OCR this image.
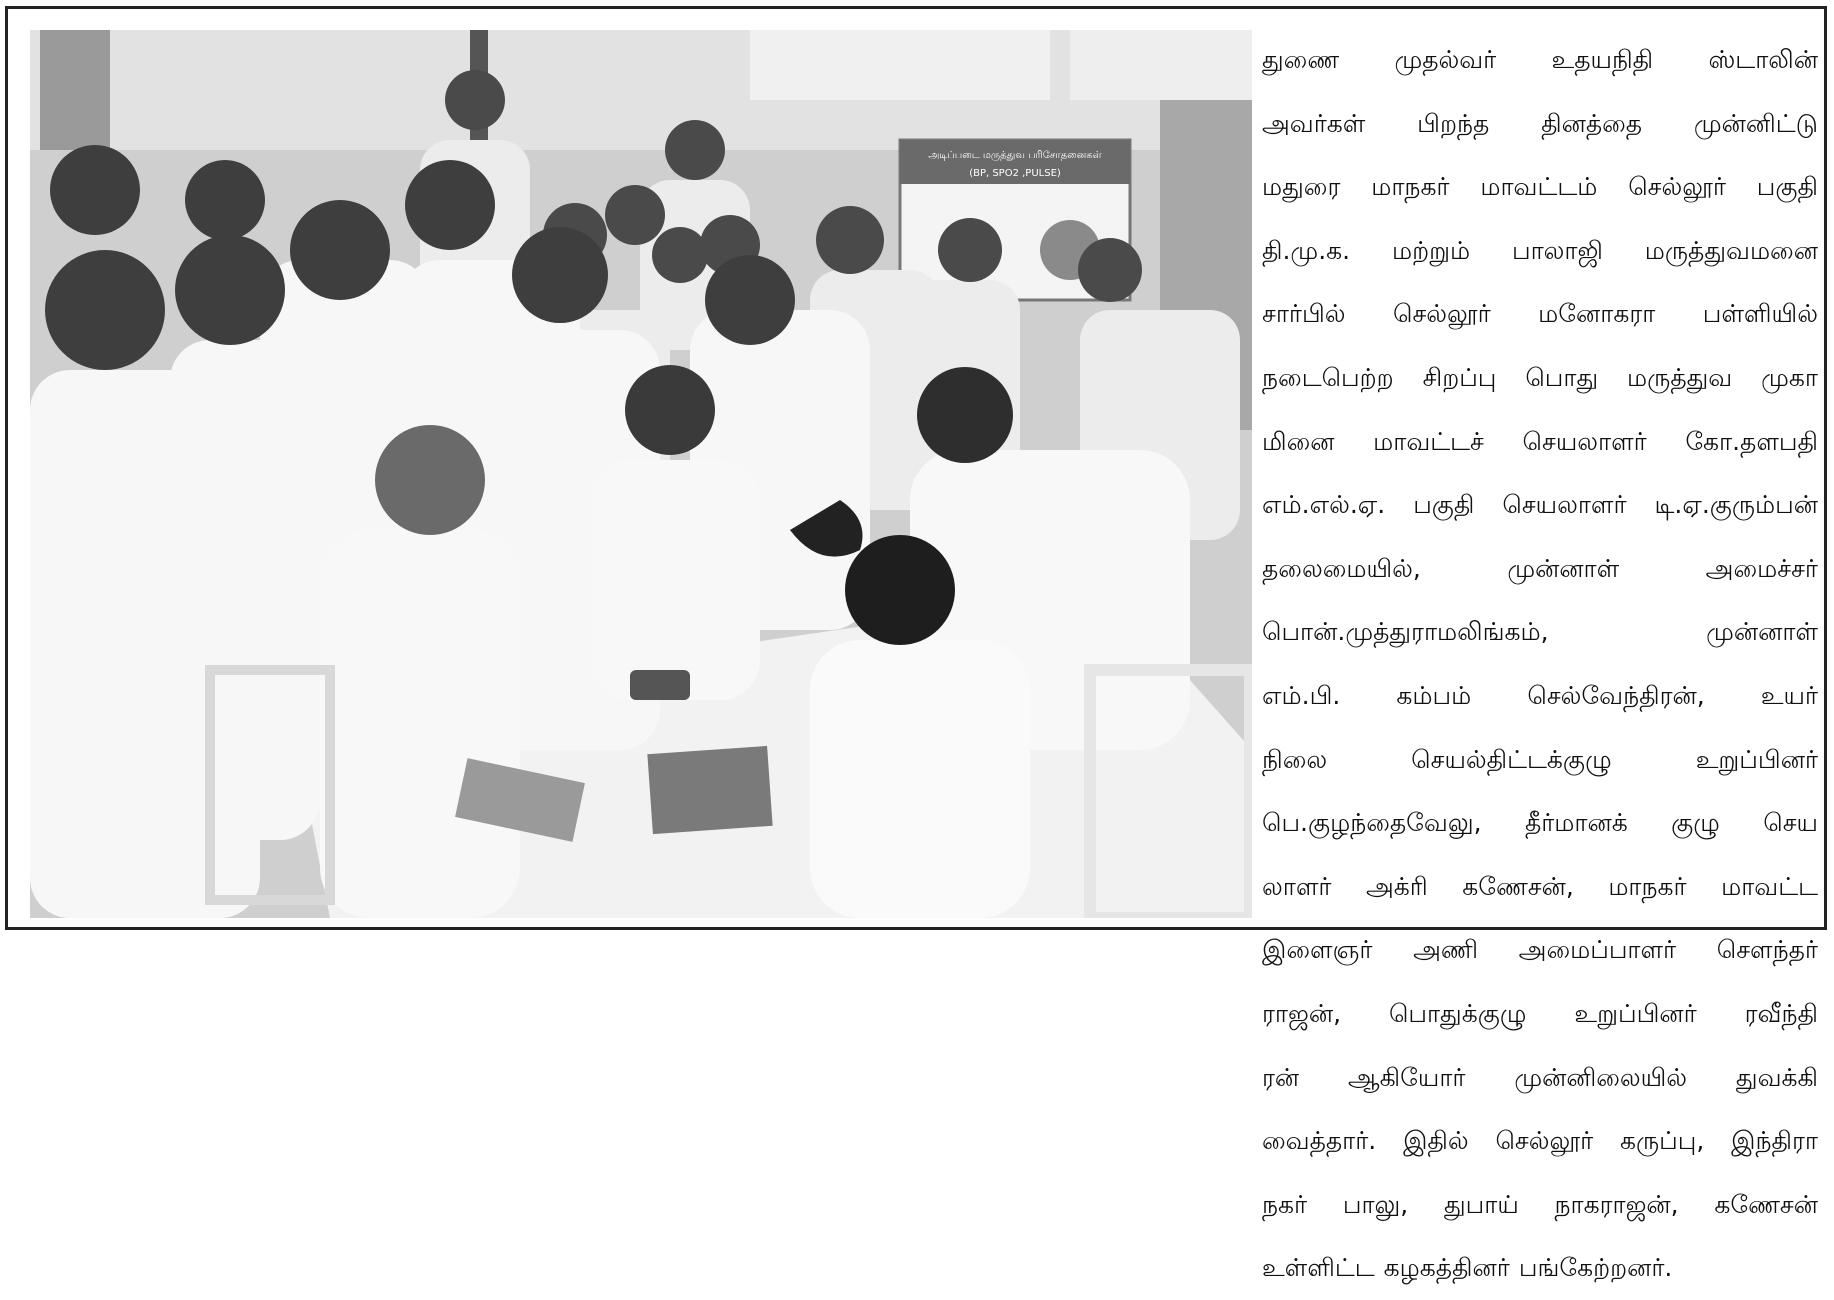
அடிப்படை மருத்துவ பரிசோதனைகள்
(BP, SPO2 ,PULSE)
துணை முதல்வர் உதயநிதி ஸ்டாலின்
அவர்கள் பிறந்த தினத்தை முன்னிட்டு
மதுரை மாநகர் மாவட்டம் செல்லூர் பகுதி
தி.மு.க. மற்றும் பாலாஜி மருத்துவமனை
சார்பில் செல்லூர் மனோகரா பள்ளியில்
நடைபெற்ற சிறப்பு பொது மருத்துவ முகா
மினை மாவட்டச் செயலாளர் கோ.தளபதி
எம்.எல்.ஏ. பகுதி செயலாளர் டி.ஏ.குரும்பன்
தலைமையில்,	முன்னாள்	அமைச்சர்
பொன்.முத்துராமலிங்கம்,	முன்னாள்
எம்.பி. கம்பம் செல்வேந்திரன், உயர்
நிலை	செயல்திட்டக்குழு	உறுப்பினர்
பெ.குழந்தைவேலு, தீர்மானக் குழு செய
லாளர் அக்ரி கணேசன், மாநகர் மாவட்ட
இளைஞர் அணி அமைப்பாளர் சௌந்தர்
ராஜன், பொதுக்குழு உறுப்பினர் ரவீந்தி
ரன் ஆகியோர் முன்னிலையில் துவக்கி
வைத்தார். இதில் செல்லூர் கருப்பு, இந்திரா
நகர் பாலு, துபாய் நாகராஜன், கணேசன்
உள்ளிட்ட கழகத்தினர் பங்கேற்றனர்.
